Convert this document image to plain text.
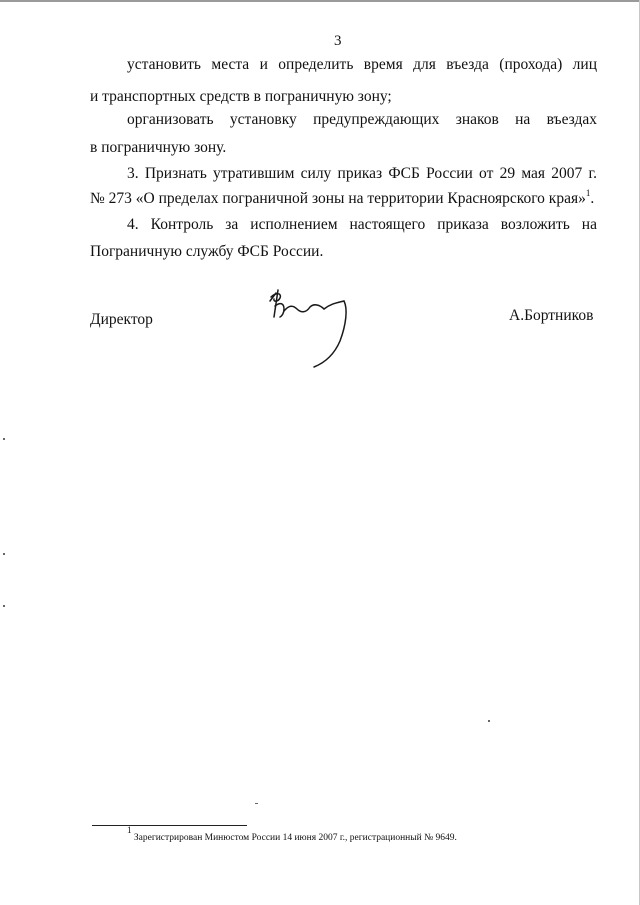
3

установить места и определить время для въезда (прохода) лиц

и транспортных средств в пограничную зону;

организовать установку предупреждающих знаков на въездах

в пограничную зону.

3. Признать утратившим силу приказ ФСБ России от 29 мая 2007 г.

№ 273 «О пределах пограничной зоны на территории Красноярского края»$^1$.

4. Контроль за исполнением настоящего приказа возложить на

Пограничную службу ФСБ России.

Директор	А.Бортников
$^1$ Зарегистрирован Минюстом России 14 июня 2007 г., регистрационный № 9649.
